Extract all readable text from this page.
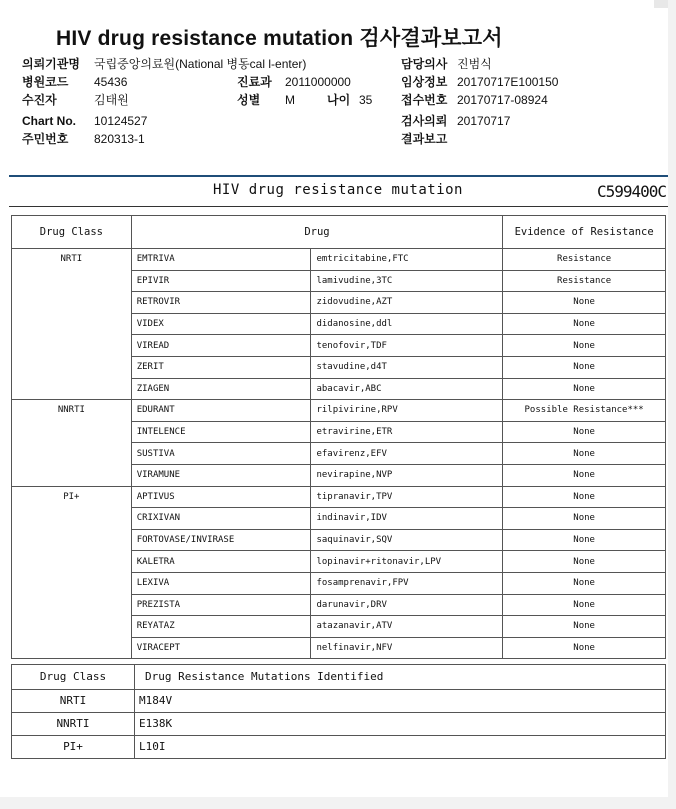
HIV drug resistance mutation 검사결과보고서
의뢰기관명 국립중앙의료원(National 병동cal l-enter)
병원코드 45436
수진자	김태원
Chart No. 10124527
주민번호 820313-1
진료과 2011000000
성별 M	나이 35
담당의사 진범식
임상정보 20170717E100150
접수번호 20170717-08924
검사의뢰 20170717
결과보고
HIV drug resistance mutation	C599400C
Drug Class	Drug		Evidence of Resistance
NRTI	EMTRIVA	emtricitabine,FTC	Resistance
	EPIVIR	lamivudine,3TC	Resistance
	RETROVIR	zidovudine,AZT	None
	VIDEX	didanosine,ddl	None
	VIREAD	tenofovir,TDF	None
	ZERIT	stavudine,d4T	None
	ZIAGEN	abacavir,ABC	None
NNRTI	EDURANT	rilpivirine,RPV	Possible Resistance***
	INTELENCE	etravirine,ETR	None
	SUSTIVA	efavirenz,EFV	None
	VIRAMUNE	nevirapine,NVP	None
PI+	APTIVUS	tipranavir,TPV	None
	CRIXIVAN	indinavir,IDV	None
	FORTOVASE/INVIRASE	saquinavir,SQV	None
	KALETRA	lopinavir+ritonavir,LPV	None
	LEXIVA	fosamprenavir,FPV	None
	PREZISTA	darunavir,DRV	None
	REYATAZ	atazanavir,ATV	None
	VIRACEPT	nelfinavir,NFV	None
Drug Class	Drug Resistance Mutations Identified
NRTI	M184V
NNRTI	E138K
PI+	L10I
